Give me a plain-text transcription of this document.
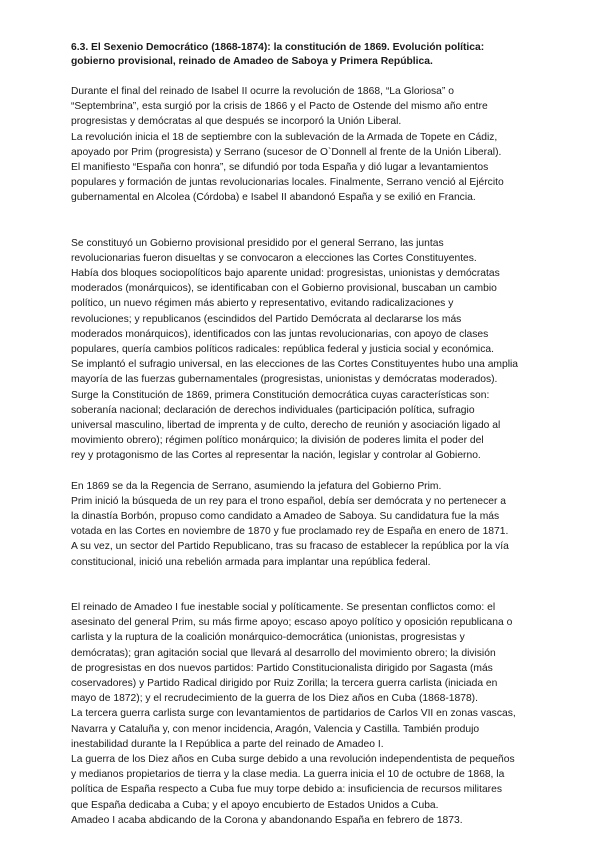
6.3. El Sexenio Democrático (1868-1874): la constitución de 1869. Evolución política:
gobierno provisional, reinado de Amadeo de Saboya y Primera República.
Durante el final del reinado de Isabel II ocurre la revolución de 1868, “La Gloriosa” o
“Septembrina”, esta surgió por la crisis de 1866 y el Pacto de Ostende del mismo año entre
progresistas y demócratas al que después se incorporó la Unión Liberal.
La revolución inicia el 18 de septiembre con la sublevación de la Armada de Topete en Cádiz,
apoyado por Prim (progresista) y Serrano (sucesor de O`Donnell al frente de la Unión Liberal).
El manifiesto “España con honra”, se difundió por toda España y dió lugar a levantamientos
populares y formación de juntas revolucionarias locales. Finalmente, Serrano venció al Ejército
gubernamental en Alcolea (Córdoba) e Isabel II abandonó España y se exilió en Francia.
Se constituyó un Gobierno provisional presidido por el general Serrano, las juntas
revolucionarias fueron disueltas y se convocaron a elecciones las Cortes Constituyentes.
Había dos bloques sociopolíticos bajo aparente unidad: progresistas, unionistas y demócratas
moderados (monárquicos), se identificaban con el Gobierno provisional, buscaban un cambio
político, un nuevo régimen más abierto y representativo, evitando radicalizaciones y
revoluciones; y republicanos (escindidos del Partido Demócrata al declararse los más
moderados monárquicos), identificados con las juntas revolucionarias, con apoyo de clases
populares, quería cambios políticos radicales: república federal y justicia social y económica.
Se implantó el sufragio universal, en las elecciones de las Cortes Constituyentes hubo una amplia
mayoría de las fuerzas gubernamentales (progresistas, unionistas y demócratas moderados).
Surge la Constitución de 1869, primera Constitución democrática cuyas características son:
soberanía nacional; declaración de derechos individuales (participación política, sufragio
universal masculino, libertad de imprenta y de culto, derecho de reunión y asociación ligado al
movimiento obrero); régimen político monárquico; la división de poderes limita el poder del
rey y protagonismo de las Cortes al representar la nación, legislar y controlar al Gobierno.
En 1869 se da la Regencia de Serrano, asumiendo la jefatura del Gobierno Prim.
Prim inició la búsqueda de un rey para el trono español, debía ser demócrata y no pertenecer a
la dinastía Borbón, propuso como candidato a Amadeo de Saboya. Su candidatura fue la más
votada en las Cortes en noviembre de 1870 y fue proclamado rey de España en enero de 1871.
A su vez, un sector del Partido Republicano, tras su fracaso de establecer la república por la vía
constitucional, inició una rebelión armada para implantar una república federal.
El reinado de Amadeo I fue inestable social y políticamente. Se presentan conflictos como: el
asesinato del general Prim, su más firme apoyo; escaso apoyo político y oposición republicana o
carlista y la ruptura de la coalición monárquico-democrática (unionistas, progresistas y
demócratas); gran agitación social que llevará al desarrollo del movimiento obrero; la división
de progresistas en dos nuevos partidos: Partido Constitucionalista dirigido por Sagasta (más
coservadores) y Partido Radical dirigido por Ruiz Zorilla; la tercera guerra carlista (iniciada en
mayo de 1872); y el recrudecimiento de la guerra de los Diez años en Cuba (1868-1878).
La tercera guerra carlista surge con levantamientos de partidarios de Carlos VII en zonas vascas,
Navarra y Cataluña y, con menor incidencia, Aragón, Valencia y Castilla. También produjo
inestabilidad durante la I República a parte del reinado de Amadeo I.
La guerra de los Diez años en Cuba surge debido a una revolución independentista de pequeños
y medianos propietarios de tierra y la clase media. La guerra inicia el 10 de octubre de 1868, la
política de España respecto a Cuba fue muy torpe debido a: insuficiencia de recursos militares
que España dedicaba a Cuba; y el apoyo encubierto de Estados Unidos a Cuba.
Amadeo I acaba abdicando de la Corona y abandonando España en febrero de 1873.
